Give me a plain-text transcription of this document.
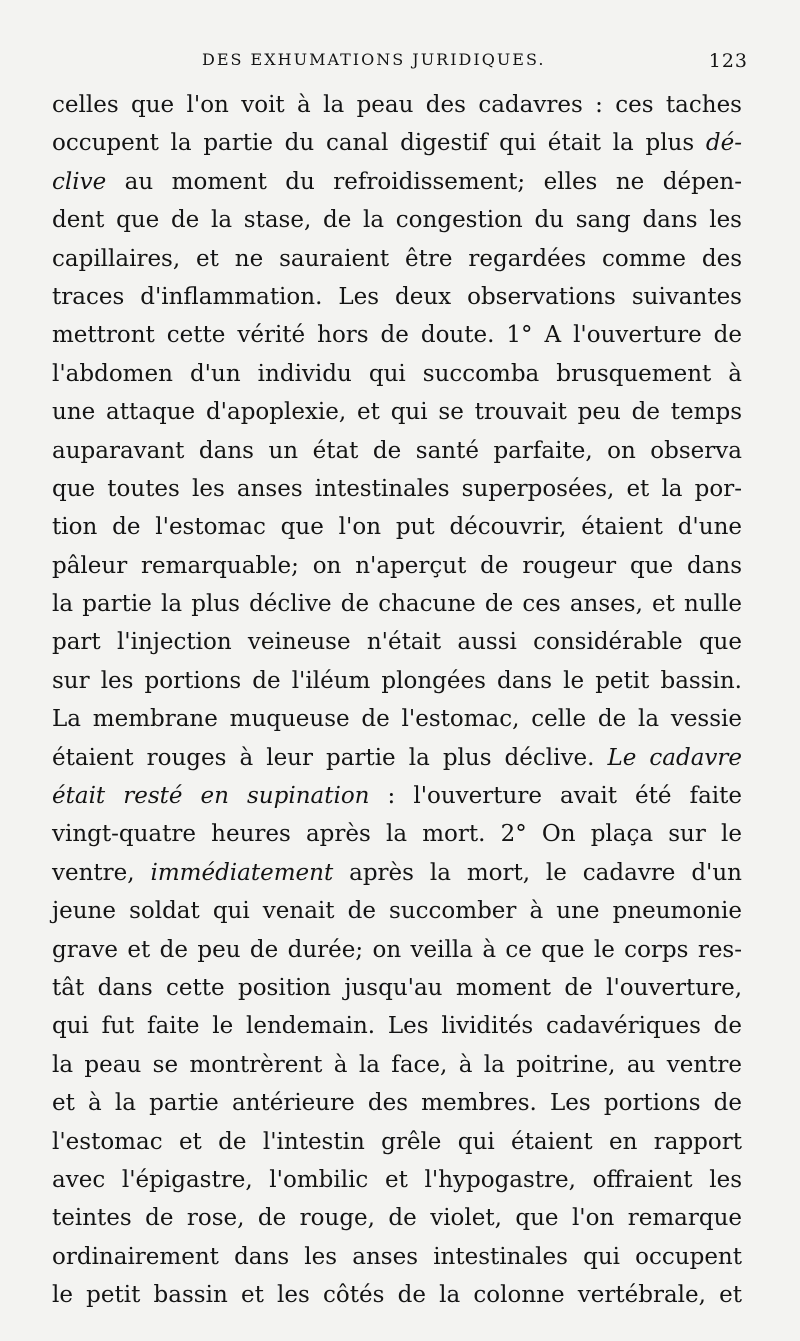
DES EXHUMATIONS JURIDIQUES.	123
celles que l'on voit à la peau des cadavres : ces taches
occupent la partie du canal digestif qui était la plus dé-
clive au moment du refroidissement; elles ne dépen-
dent que de la stase, de la congestion du sang dans les
capillaires, et ne sauraient être regardées comme des
traces d'inflammation. Les deux observations suivantes
mettront cette vérité hors de doute. 1° A l'ouverture de
l'abdomen d'un individu qui succomba brusquement à
une attaque d'apoplexie, et qui se trouvait peu de temps
auparavant dans un état de santé parfaite, on observa
que toutes les anses intestinales superposées, et la por-
tion de l'estomac que l'on put découvrir, étaient d'une
pâleur remarquable; on n'aperçut de rougeur que dans
la partie la plus déclive de chacune de ces anses, et nulle
part l'injection veineuse n'était aussi considérable que
sur les portions de l'iléum plongées dans le petit bassin.
La membrane muqueuse de l'estomac, celle de la vessie
étaient rouges à leur partie la plus déclive. Le cadavre
était resté en supination : l'ouverture avait été faite
vingt-quatre heures après la mort. 2° On plaça sur le
ventre, immédiatement après la mort, le cadavre d'un
jeune soldat qui venait de succomber à une pneumonie
grave et de peu de durée; on veilla à ce que le corps res-
tât dans cette position jusqu'au moment de l'ouverture,
qui fut faite le lendemain. Les lividités cadavériques de
la peau se montrèrent à la face, à la poitrine, au ventre
et à la partie antérieure des membres. Les portions de
l'estomac et de l'intestin grêle qui étaient en rapport
avec l'épigastre, l'ombilic et l'hypogastre, offraient les
teintes de rose, de rouge, de violet, que l'on remarque
ordinairement dans les anses intestinales qui occupent
le petit bassin et les côtés de la colonne vertébrale, et
